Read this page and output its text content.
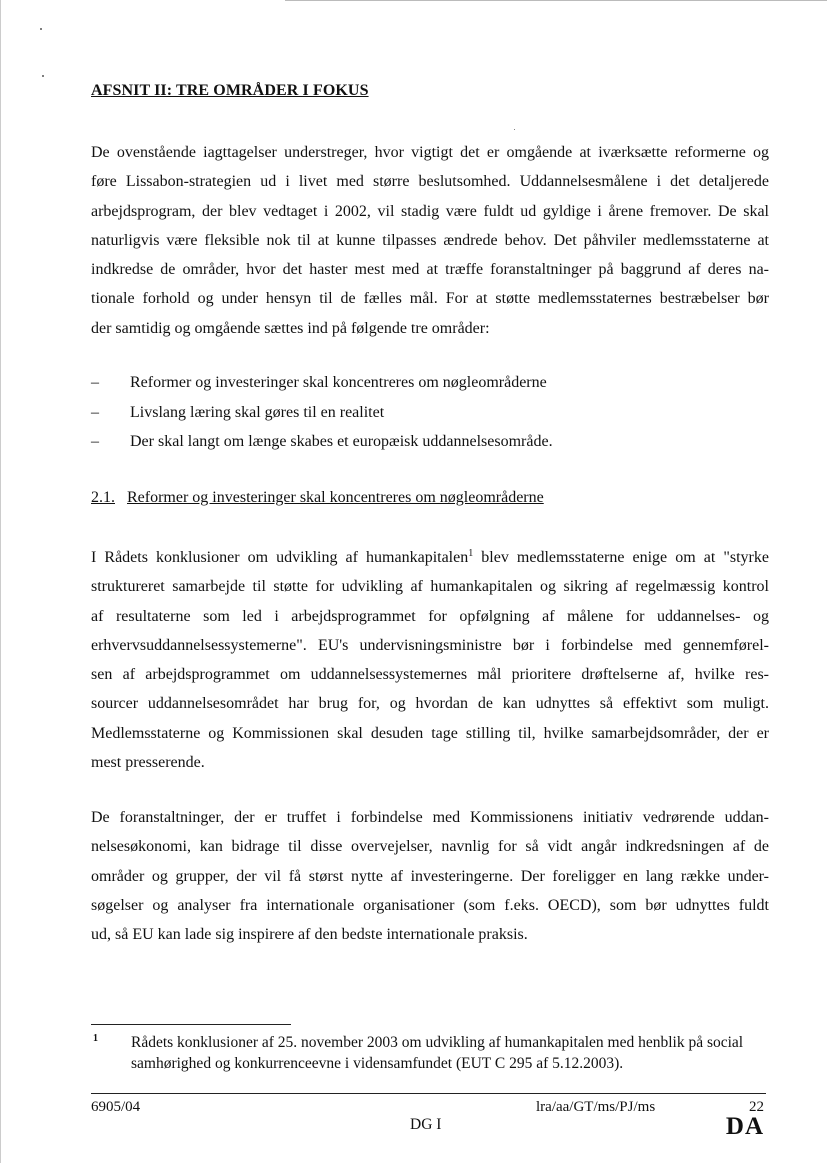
AFSNIT II: TRE OMRÅDER I FOKUS

De ovenstående iagttagelser understreger, hvor vigtigt det er omgående at iværksætte reformerne og
føre Lissabon-strategien ud i livet med større beslutsomhed. Uddannelsesmålene i det detaljerede
arbejdsprogram, der blev vedtaget i 2002, vil stadig være fuldt ud gyldige i årene fremover. De skal
naturligvis være fleksible nok til at kunne tilpasses ændrede behov. Det påhviler medlemsstaterne at
indkredse de områder, hvor det haster mest med at træffe foranstaltninger på baggrund af deres na-
tionale forhold og under hensyn til de fælles mål. For at støtte medlemsstaternes bestræbelser bør
der samtidig og omgående sættes ind på følgende tre områder:

– Reformer og investeringer skal koncentreres om nøgleområderne
– Livslang læring skal gøres til en realitet
– Der skal langt om længe skabes et europæisk uddannelsesområde.
2.1. Reformer og investeringer skal koncentreres om nøgleområderne

I Rådets konklusioner om udvikling af humankapitalen$^1$ blev medlemsstaterne enige om at "styrke
struktureret samarbejde til støtte for udvikling af humankapitalen og sikring af regelmæssig kontrol
af resultaterne som led i arbejdsprogrammet for opfølgning af målene for uddannelses- og
erhvervsuddannelsessystemerne". EU's undervisningsministre bør i forbindelse med gennemførel-
sen af arbejdsprogrammet om uddannelsessystemernes mål prioritere drøftelserne af, hvilke res-
sourcer uddannelsesområdet har brug for, og hvordan de kan udnyttes så effektivt som muligt.
Medlemsstaterne og Kommissionen skal desuden tage stilling til, hvilke samarbejdsområder, der er
mest presserende.

De foranstaltninger, der er truffet i forbindelse med Kommissionens initiativ vedrørende uddan-
nelsesøkonomi, kan bidrage til disse overvejelser, navnlig for så vidt angår indkredsningen af de
områder og grupper, der vil få størst nytte af investeringerne. Der foreligger en lang række under-
søgelser og analyser fra internationale organisationer (som f.eks. OECD), som bør udnyttes fuldt
ud, så EU kan lade sig inspirere af den bedste internationale praksis.

1 Rådets konklusioner af 25. november 2003 om udvikling af humankapitalen med henblik på social samhørighed og konkurrenceevne i vidensamfundet (EUT C 295 af 5.12.2003).

6905/04
DG I
lra/aa/GT/ms/PJ/ms	22
DA
